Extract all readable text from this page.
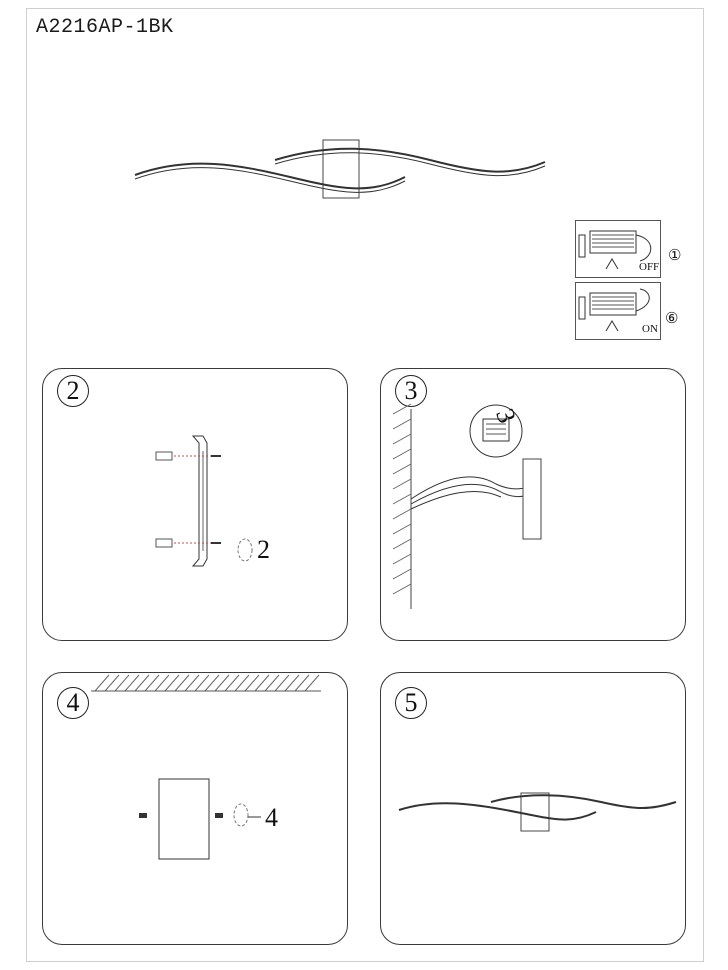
A2216AP-1BK
OFF
①
ON
⑥
2
2
3
3
4
4
5
